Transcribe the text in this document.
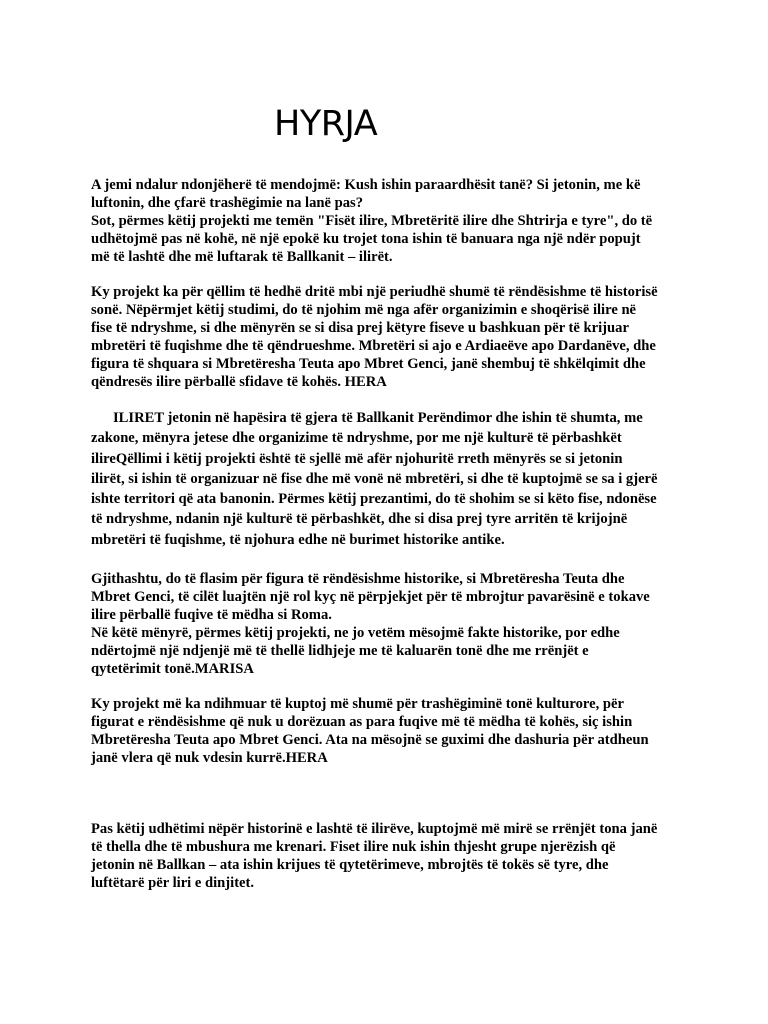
HYRJA

A jemi ndalur ndonjëherë të mendojmë: Kush ishin paraardhësit tanë? Si jetonin, me kë
luftonin, dhe çfarë trashëgimie na lanë pas?
Sot, përmes këtij projekti me temën "Fisët ilire, Mbretëritë ilire dhe Shtrirja e tyre", do të
udhëtojmë pas në kohë, në një epokë ku trojet tona ishin të banuara nga një ndër popujt
më të lashtë dhe më luftarak të Ballkanit – ilirët.

Ky projekt ka për qëllim të hedhë dritë mbi një periudhë shumë të rëndësishme të historisë
sonë. Nëpërmjet këtij studimi, do të njohim më nga afër organizimin e shoqërisë ilire në
fise të ndryshme, si dhe mënyrën se si disa prej këtyre fiseve u bashkuan për të krijuar
mbretëri të fuqishme dhe të qëndrueshme. Mbretëri si ajo e Ardiaeëve apo Dardanëve, dhe
figura të shquara si Mbretëresha Teuta apo Mbret Genci, janë shembuj të shkëlqimit dhe
qëndresës ilire përballë sfidave të kohës. HERA

ILIRET jetonin në hapësira të gjera të Ballkanit Perëndimor dhe ishin të shumta, me
zakone, mënyra jetese dhe organizime të ndryshme, por me një kulturë të përbashkët
ilireQëllimi i këtij projekti është të sjellë më afër njohuritë rreth mënyrës se si jetonin
ilirët, si ishin të organizuar në fise dhe më vonë në mbretëri, si dhe të kuptojmë se sa i gjerë
ishte territori që ata banonin. Përmes këtij prezantimi, do të shohim se si këto fise, ndonëse
të ndryshme, ndanin një kulturë të përbashkët, dhe si disa prej tyre arritën të krijojnë
mbretëri të fuqishme, të njohura edhe në burimet historike antike.

Gjithashtu, do të flasim për figura të rëndësishme historike, si Mbretëresha Teuta dhe
Mbret Genci, të cilët luajtën një rol kyç në përpjekjet për të mbrojtur pavarësinë e tokave
ilire përballë fuqive të mëdha si Roma.
Në këtë mënyrë, përmes këtij projekti, ne jo vetëm mësojmë fakte historike, por edhe
ndërtojmë një ndjenjë më të thellë lidhjeje me të kaluarën tonë dhe me rrënjët e
qytetërimit tonë.MARISA

Ky projekt më ka ndihmuar të kuptoj më shumë për trashëgiminë tonë kulturore, për
figurat e rëndësishme që nuk u dorëzuan as para fuqive më të mëdha të kohës, siç ishin
Mbretëresha Teuta apo Mbret Genci. Ata na mësojnë se guximi dhe dashuria për atdheun
janë vlera që nuk vdesin kurrë.HERA

Pas këtij udhëtimi nëpër historinë e lashtë të ilirëve, kuptojmë më mirë se rrënjët tona janë
të thella dhe të mbushura me krenari. Fiset ilire nuk ishin thjesht grupe njerëzish që
jetonin në Ballkan – ata ishin krijues të qytetërimeve, mbrojtës të tokës së tyre, dhe
luftëtarë për liri e dinjitet.
